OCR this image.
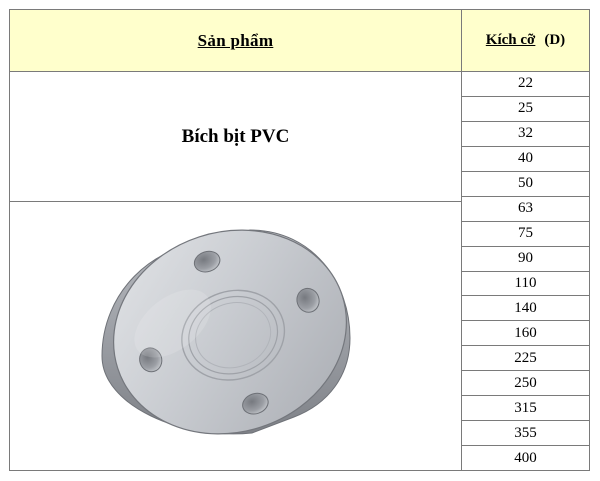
Sản phẩm
Bích bịt PVC
Kích cỡ (D)
22
25
32
40
50
63
75
90
110
140
160
225
250
315
355
400
